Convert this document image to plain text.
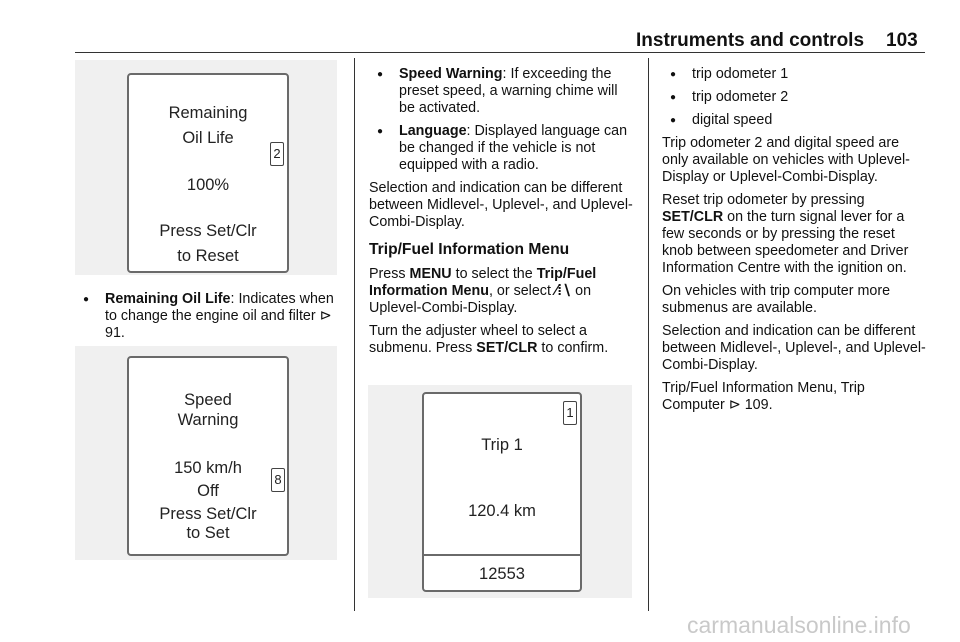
Instruments and controls 103
Remaining
Oil Life
100%
Press Set/Clr
to Reset
2
● Remaining Oil Life: Indicates when to change the engine oil and filter ⊳ 91.
Speed
Warning
150 km/h
Off
Press Set/Clr
to Set
8
● Speed Warning: If exceeding the preset speed, a warning chime will be activated.
● Language: Displayed language can be changed if the vehicle is not equipped with a radio.

Selection and indication can be different between Midlevel-, Uplevel-, and Uplevel-Combi-Display.

Trip/Fuel Information Menu

Press MENU to select the Trip/Fuel Information Menu, or select ⁄⁞∖ on Uplevel-Combi-Display.

Turn the adjuster wheel to select a submenu. Press SET/CLR to confirm.

Trip 1
120.4 km
12553
1
● trip odometer 1
● trip odometer 2
● digital speed

Trip odometer 2 and digital speed are only available on vehicles with Uplevel-Display or Uplevel-Combi-Display.

Reset trip odometer by pressing SET/CLR on the turn signal lever for a few seconds or by pressing the reset knob between speedometer and Driver Information Centre with the ignition on.

On vehicles with trip computer more submenus are available.

Selection and indication can be different between Midlevel-, Uplevel-, and Uplevel-Combi-Display.

Trip/Fuel Information Menu, Trip Computer ⊳ 109.

carmanualsonline.info
